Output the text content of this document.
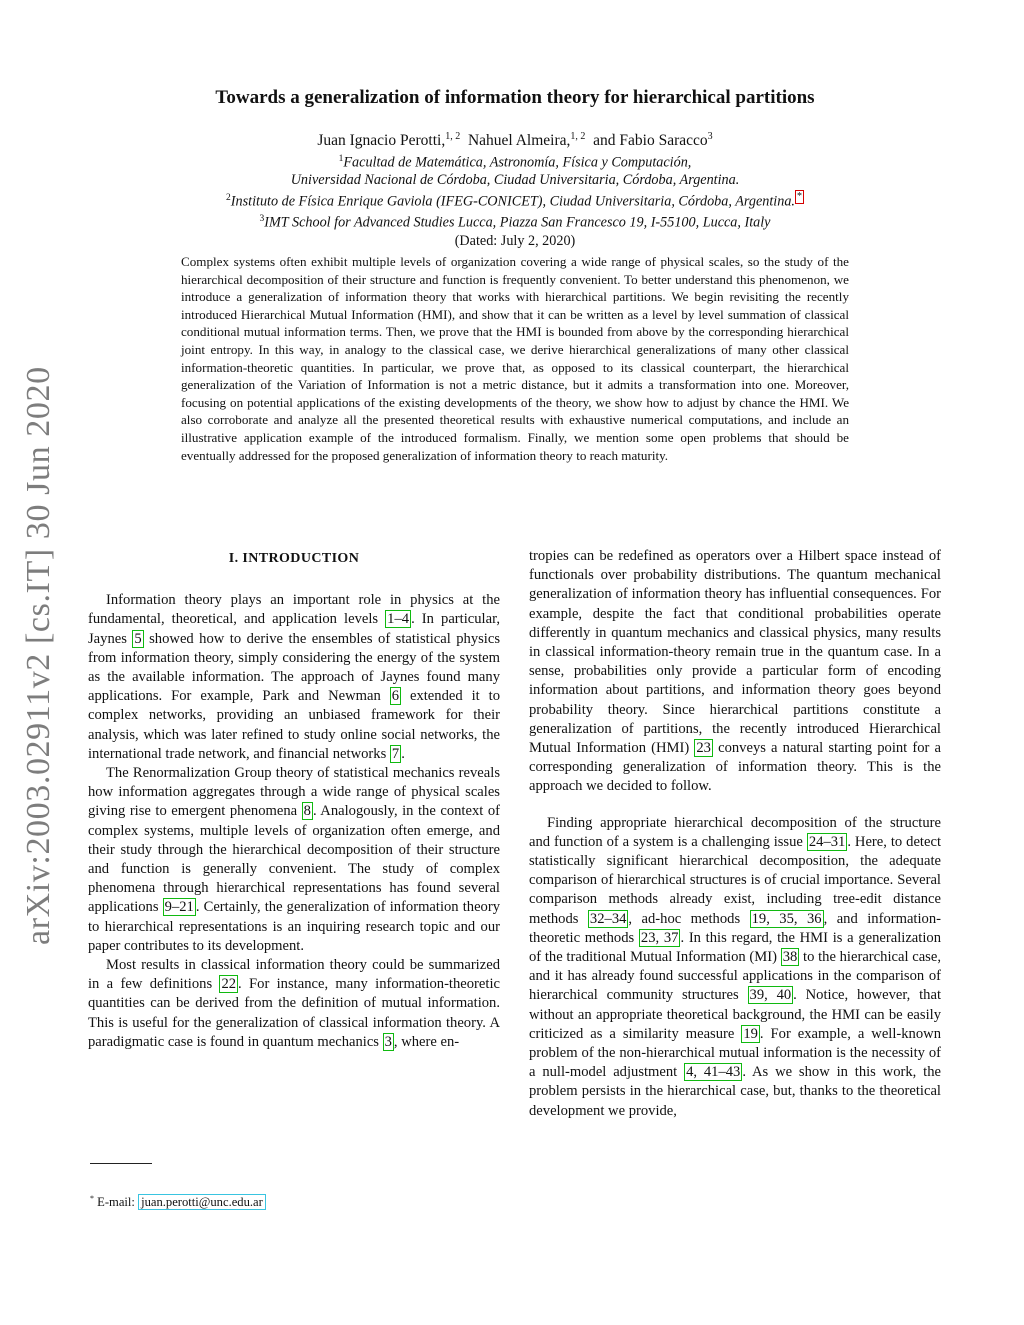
arXiv:2003.02911v2 [cs.IT] 30 Jun 2020
Towards a generalization of information theory for hierarchical partitions
Juan Ignacio Perotti,$^{1, 2}$ Nahuel Almeira,$^{1, 2}$ and Fabio Saracco$^3$
$^1$Facultad de Matemática, Astronomía, Física y Computación,
Universidad Nacional de Córdoba, Ciudad Universitaria, Córdoba, Argentina.
$^2$Instituto de Física Enrique Gaviola (IFEG-CONICET), Ciudad Universitaria, Córdoba, Argentina. *
$^3$IMT School for Advanced Studies Lucca, Piazza San Francesco 19, I-55100, Lucca, Italy
(Dated: July 2, 2020)
Complex systems often exhibit multiple levels of organization covering a wide range of physical scales, so the study of the hierarchical decomposition of their structure and function is frequently convenient. To better understand this phenomenon, we introduce a generalization of information theory that works with hierarchical partitions. We begin revisiting the recently introduced Hierarchical Mutual Information (HMI), and show that it can be written as a level by level summation of classical conditional mutual information terms. Then, we prove that the HMI is bounded from above by the corresponding hierarchical joint entropy. In this way, in analogy to the classical case, we derive hierarchical generalizations of many other classical information-theoretic quantities. In particular, we prove that, as opposed to its classical counterpart, the hierarchical generalization of the Variation of Information is not a metric distance, but it admits a transformation into one. Moreover, focusing on potential applications of the existing developments of the theory, we show how to adjust by chance the HMI. We also corroborate and analyze all the presented theoretical results with exhaustive numerical computations, and include an illustrative application example of the introduced formalism. Finally, we mention some open problems that should be eventually addressed for the proposed generalization of information theory to reach maturity.
I. INTRODUCTION

Information theory plays an important role in physics at the fundamental, theoretical, and application levels 1–4 . In particular, Jaynes 5 showed how to derive the ensembles of statistical physics from information theory, simply considering the energy of the system as the available information. The approach of Jaynes found many applications. For example, Park and Newman 6 extended it to complex networks, providing an unbiased framework for their analysis, which was later refined to study online social networks, the international trade network, and financial networks 7 .

The Renormalization Group theory of statistical mechanics reveals how information aggregates through a wide range of physical scales giving rise to emergent phenomena 8 . Analogously, in the context of complex systems, multiple levels of organization often emerge, and their study through the hierarchical decomposition of their structure and function is generally convenient. The study of complex phenomena through hierarchical representations has found several applications 9–21 . Certainly, the generalization of information theory to hierarchical representations is an inquiring research topic and our paper contributes to its development.

Most results in classical information theory could be summarized in a few definitions 22 . For instance, many information-theoretic quantities can be derived from the definition of mutual information. This is useful for the generalization of classical information theory. A paradigmatic case is found in quantum mechanics 3 , where en-

tropies can be redefined as operators over a Hilbert space instead of functionals over probability distributions. The quantum mechanical generalization of information theory has influential consequences. For example, despite the fact that conditional probabilities operate differently in quantum mechanics and classical physics, many results in classical information-theory remain true in the quantum case. In a sense, probabilities only provide a particular form of encoding information about partitions, and information theory goes beyond probability theory. Since hierarchical partitions constitute a generalization of partitions, the recently introduced Hierarchical Mutual Information (HMI) 23 conveys a natural starting point for a corresponding generalization of information theory. This is the approach we decided to follow.

Finding appropriate hierarchical decomposition of the structure and function of a system is a challenging issue 24–31 . Here, to detect statistically significant hierarchical decomposition, the adequate comparison of hierarchical structures is of crucial importance. Several comparison methods already exist, including tree-edit distance methods 32–34 , ad-hoc methods 19, 35, 36 , and information-theoretic methods 23, 37 . In this regard, the HMI is a generalization of the traditional Mutual Information (MI) 38 to the hierarchical case, and it has already found successful applications in the comparison of hierarchical community structures 39, 40 . Notice, however, that without an appropriate theoretical background, the HMI can be easily criticized as a similarity measure 19 . For example, a well-known problem of the non-hierarchical mutual information is the necessity of a null-model adjustment 4, 41–43 . As we show in this work, the problem persists in the hierarchical case, but, thanks to the theoretical development we provide,

* E-mail: juan.perotti@unc.edu.ar
